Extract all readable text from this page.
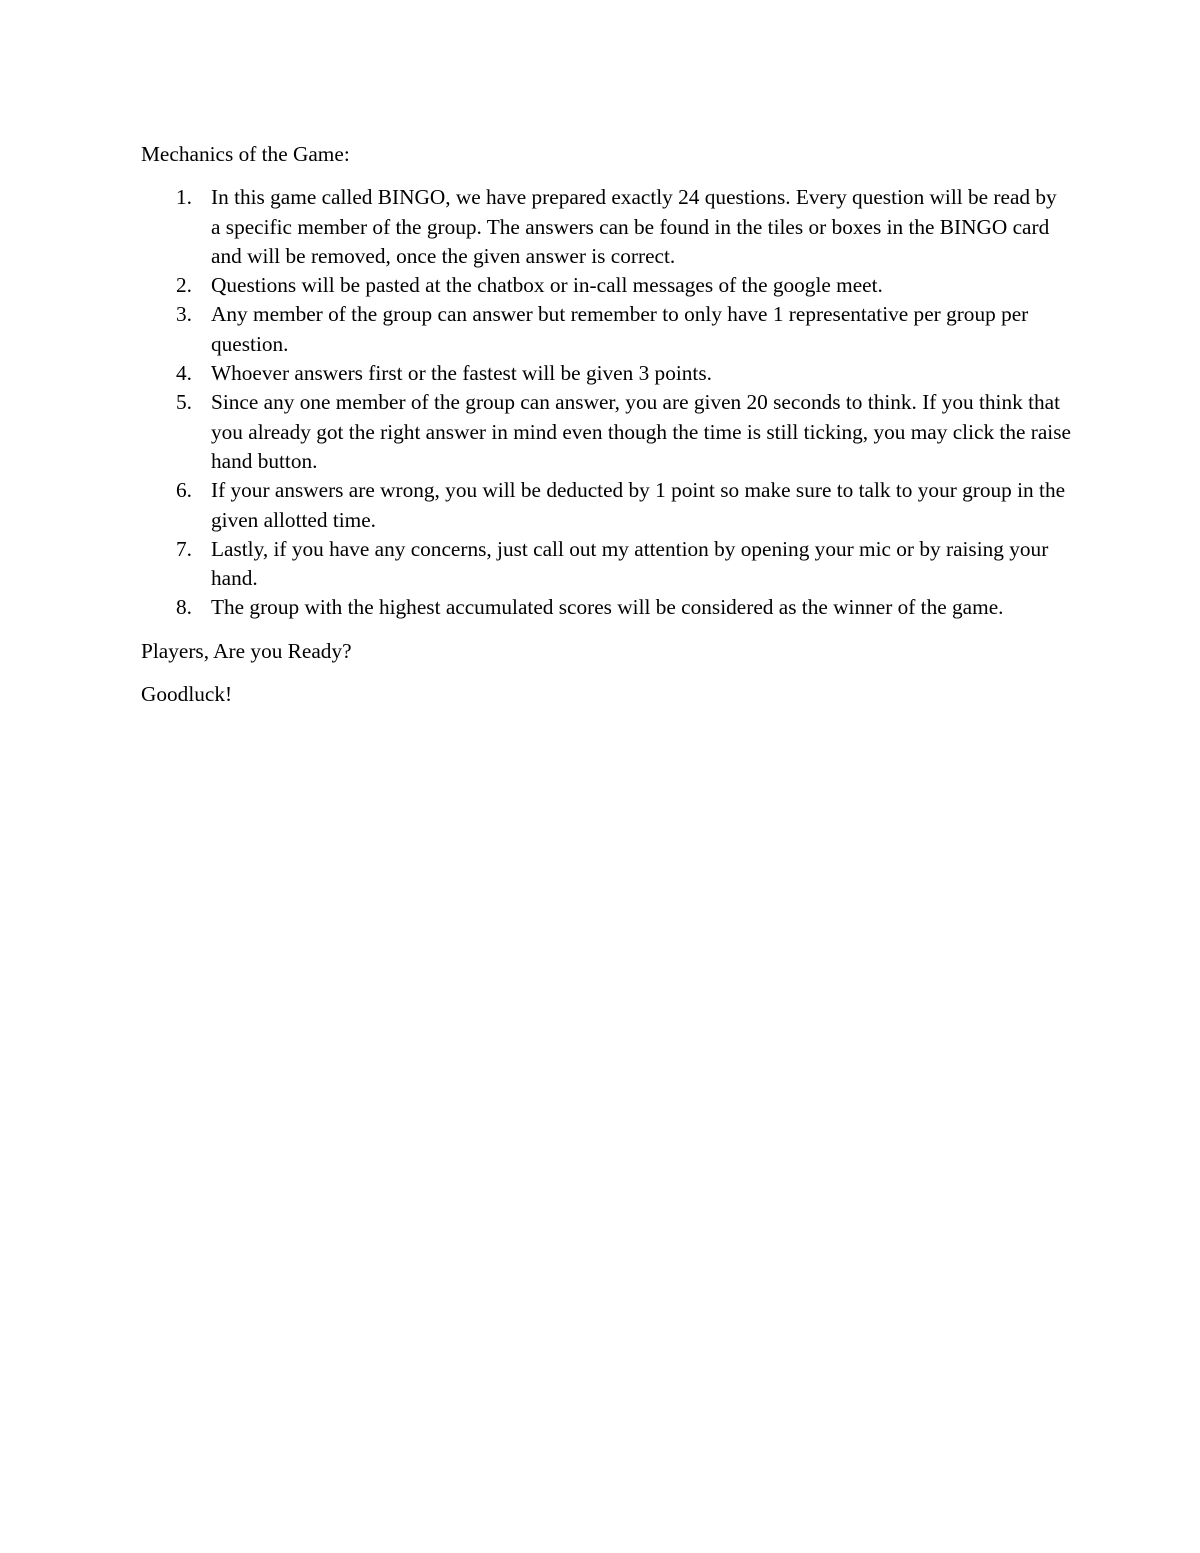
Mechanics of the Game:

1. In this game called BINGO, we have prepared exactly 24 questions. Every question will be read by a specific member of the group. The answers can be found in the tiles or boxes in the BINGO card and will be removed, once the given answer is correct.
2. Questions will be pasted at the chatbox or in-call messages of the google meet.
3. Any member of the group can answer but remember to only have 1 representative per group per question.
4. Whoever answers first or the fastest will be given 3 points.
5. Since any one member of the group can answer, you are given 20 seconds to think. If you think that you already got the right answer in mind even though the time is still ticking, you may click the raise hand button.
6. If your answers are wrong, you will be deducted by 1 point so make sure to talk to your group in the given allotted time.
7. Lastly, if you have any concerns, just call out my attention by opening your mic or by raising your hand.
8. The group with the highest accumulated scores will be considered as the winner of the game.

Players, Are you Ready?

Goodluck!
